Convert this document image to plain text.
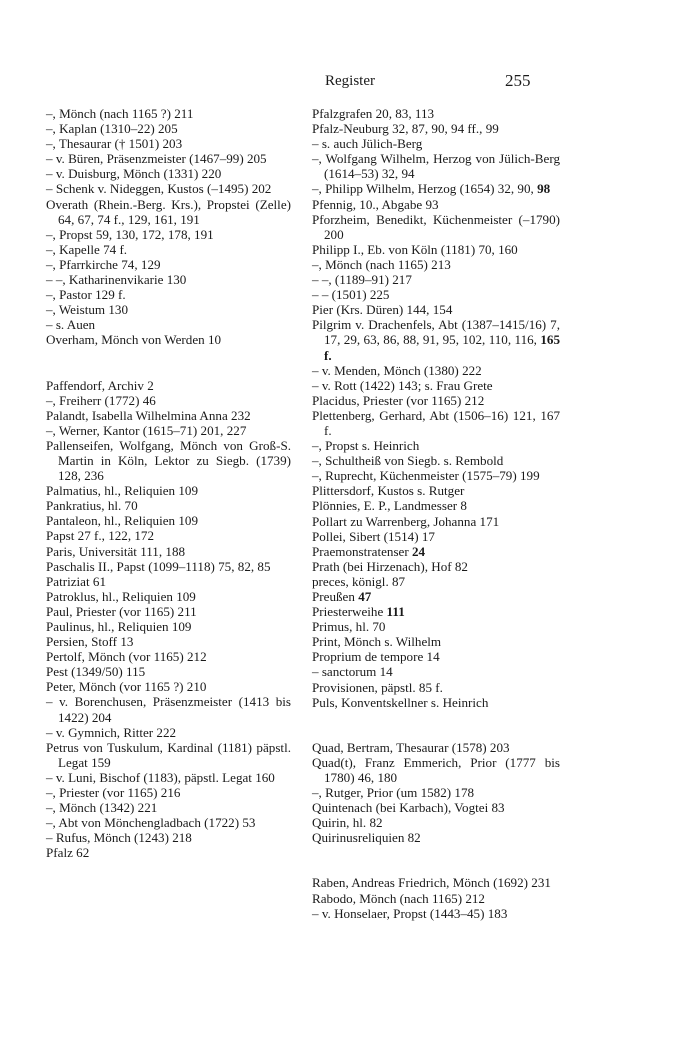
Register	255
–, Mönch (nach 1165 ?) 211
–, Kaplan (1310–22) 205
–, Thesaurar († 1501) 203
– v. Büren, Präsenzmeister (1467–99) 205
– v. Duisburg, Mönch (1331) 220
– Schenk v. Nideggen, Kustos (–1495) 202
Overath (Rhein.-Berg. Krs.), Propstei (Zelle) 64, 67, 74 f., 129, 161, 191
–, Propst 59, 130, 172, 178, 191
–, Kapelle 74 f.
–, Pfarrkirche 74, 129
– –, Katharinenvikarie 130
–, Pastor 129 f.
–, Weistum 130
– s. Auen
Overham, Mönch von Werden 10
Paffendorf, Archiv 2
–, Freiherr (1772) 46
Palandt, Isabella Wilhelmina Anna 232
–, Werner, Kantor (1615–71) 201, 227
Pallenseifen, Wolfgang, Mönch von Groß-S. Martin in Köln, Lektor zu Siegb. (1739) 128, 236
Palmatius, hl., Reliquien 109
Pankratius, hl. 70
Pantaleon, hl., Reliquien 109
Papst 27 f., 122, 172
Paris, Universität 111, 188
Paschalis II., Papst (1099–1118) 75, 82, 85
Patriziat 61
Patroklus, hl., Reliquien 109
Paul, Priester (vor 1165) 211
Paulinus, hl., Reliquien 109
Persien, Stoff 13
Pertolf, Mönch (vor 1165) 212
Pest (1349/50) 115
Peter, Mönch (vor 1165 ?) 210
– v. Borenchusen, Präsenzmeister (1413 bis 1422) 204
– v. Gymnich, Ritter 222
Petrus von Tuskulum, Kardinal (1181) päpstl. Legat 159
– v. Luni, Bischof (1183), päpstl. Legat 160
–, Priester (vor 1165) 216
–, Mönch (1342) 221
–, Abt von Mönchengladbach (1722) 53
– Rufus, Mönch (1243) 218
Pfalz 62
Pfalzgrafen 20, 83, 113
Pfalz-Neuburg 32, 87, 90, 94 ff., 99
– s. auch Jülich-Berg
–, Wolfgang Wilhelm, Herzog von Jülich-Berg (1614–53) 32, 94
–, Philipp Wilhelm, Herzog (1654) 32, 90, 98
Pfennig, 10., Abgabe 93
Pforzheim, Benedikt, Küchenmeister (–1790) 200
Philipp I., Eb. von Köln (1181) 70, 160
–, Mönch (nach 1165) 213
– –, (1189–91) 217
– – (1501) 225
Pier (Krs. Düren) 144, 154
Pilgrim v. Drachenfels, Abt (1387–1415/16) 7, 17, 29, 63, 86, 88, 91, 95, 102, 110, 116, 165 f.
– v. Menden, Mönch (1380) 222
– v. Rott (1422) 143; s. Frau Grete
Placidus, Priester (vor 1165) 212
Plettenberg, Gerhard, Abt (1506–16) 121, 167 f.
–, Propst s. Heinrich
–, Schultheiß von Siegb. s. Rembold
–, Ruprecht, Küchenmeister (1575–79) 199
Plittersdorf, Kustos s. Rutger
Plönnies, E. P., Landmesser 8
Pollart zu Warrenberg, Johanna 171
Pollei, Sibert (1514) 17
Praemonstratenser 24
Prath (bei Hirzenach), Hof 82
preces, königl. 87
Preußen 47
Priesterweihe 111
Primus, hl. 70
Print, Mönch s. Wilhelm
Proprium de tempore 14
– sanctorum 14
Provisionen, päpstl. 85 f.
Puls, Konventskellner s. Heinrich
Quad, Bertram, Thesaurar (1578) 203
Quad(t), Franz Emmerich, Prior (1777 bis 1780) 46, 180
–, Rutger, Prior (um 1582) 178
Quintenach (bei Karbach), Vogtei 83
Quirin, hl. 82
Quirinusreliquien 82
Raben, Andreas Friedrich, Mönch (1692) 231
Rabodo, Mönch (nach 1165) 212
– v. Honselaer, Propst (1443–45) 183
